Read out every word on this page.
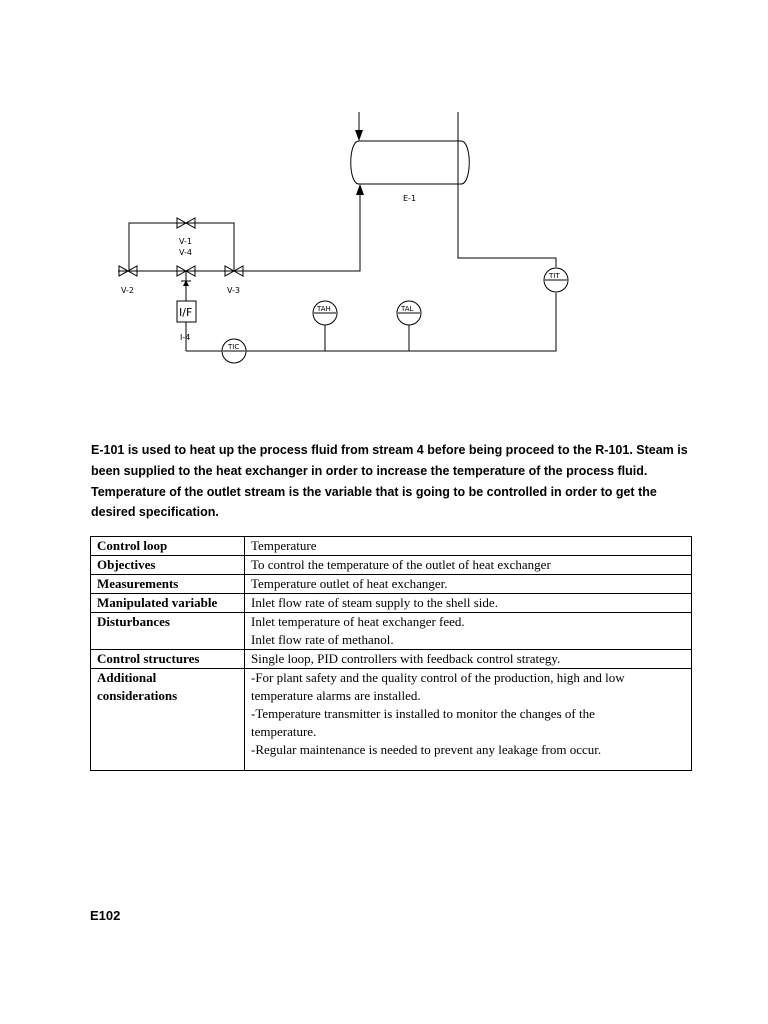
E-1
V-1
V-4
V-2	V-3
I/F
I-4
TIT
TAH	TAL
TIC
E-101 is used to heat up the process fluid from stream 4 before being proceed to the R-101. Steam is
been supplied to the heat exchanger in order to increase the temperature of the process fluid.
Temperature of the outlet stream is the variable that is going to be controlled in order to get the
desired specification.
Control loop	Temperature

Objectives	To control the temperature of the outlet of heat exchanger

Measurements	Temperature outlet of heat exchanger.

Manipulated variable	Inlet flow rate of steam supply to the shell side.

Disturbances	Inlet temperature of heat exchanger feed.
Inlet flow rate of methanol.

Control structures	Single loop, PID controllers with feedback control strategy.

Additional
considerations	-For plant safety and the quality control of the production, high and low
temperature alarms are installed.
-Temperature transmitter is installed to monitor the changes of the
temperature.
-Regular maintenance is needed to prevent any leakage from occur.
E102
